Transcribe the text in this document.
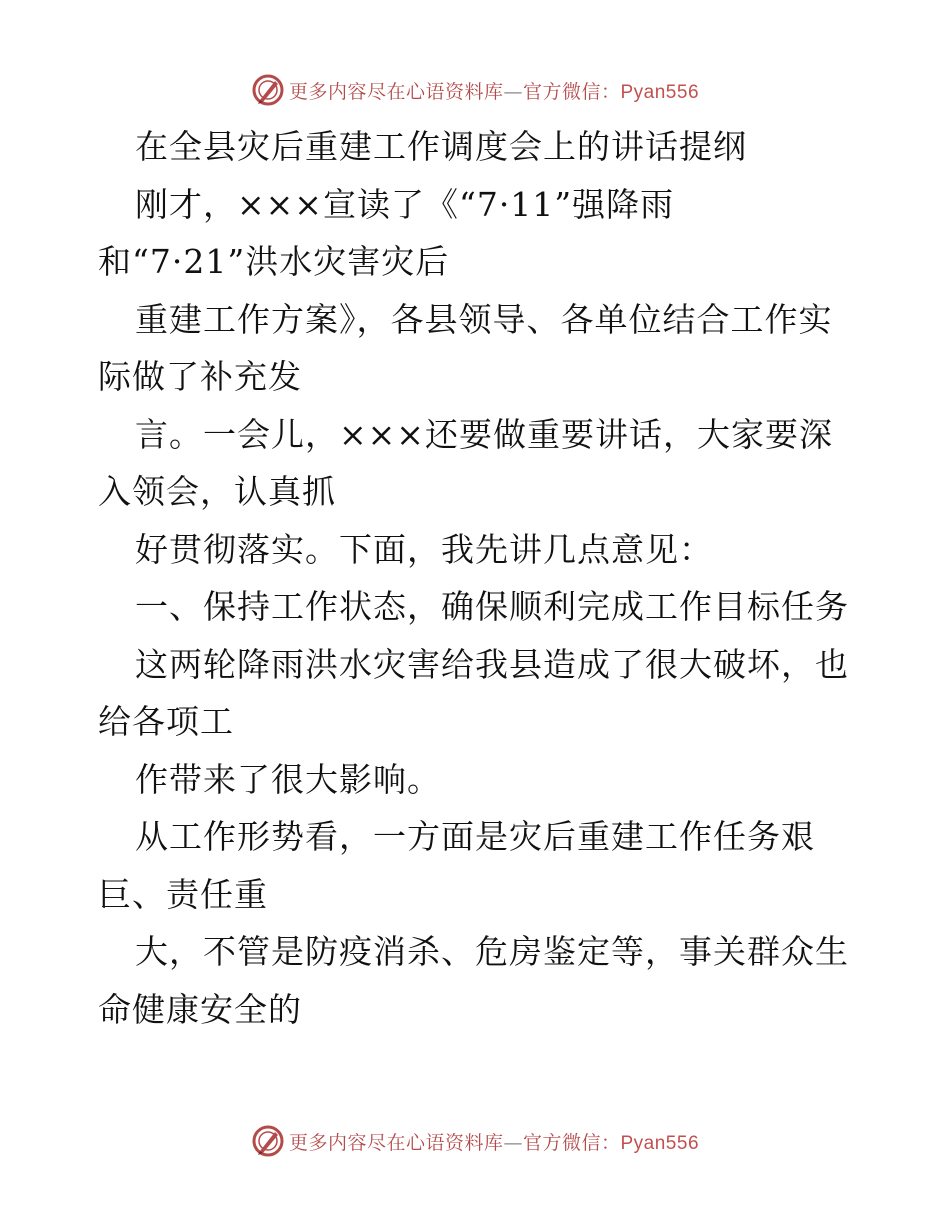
更多内容尽在心语资料库—官方微信：Pyan556
在全县灾后重建工作调度会上的讲话提纲
刚才，×××宣读了《“7·11”强降雨
和“7·21”洪水灾害灾后
重建工作方案》，各县领导、各单位结合工作实
际做了补充发
言。一会儿，×××还要做重要讲话，大家要深
入领会，认真抓
好贯彻落实。下面，我先讲几点意见：
一、保持工作状态，确保顺利完成工作目标任务
这两轮降雨洪水灾害给我县造成了很大破坏，也
给各项工
作带来了很大影响。
从工作形势看，一方面是灾后重建工作任务艰
巨、责任重
大，不管是防疫消杀、危房鉴定等，事关群众生
命健康安全的
更多内容尽在心语资料库—官方微信：Pyan556
